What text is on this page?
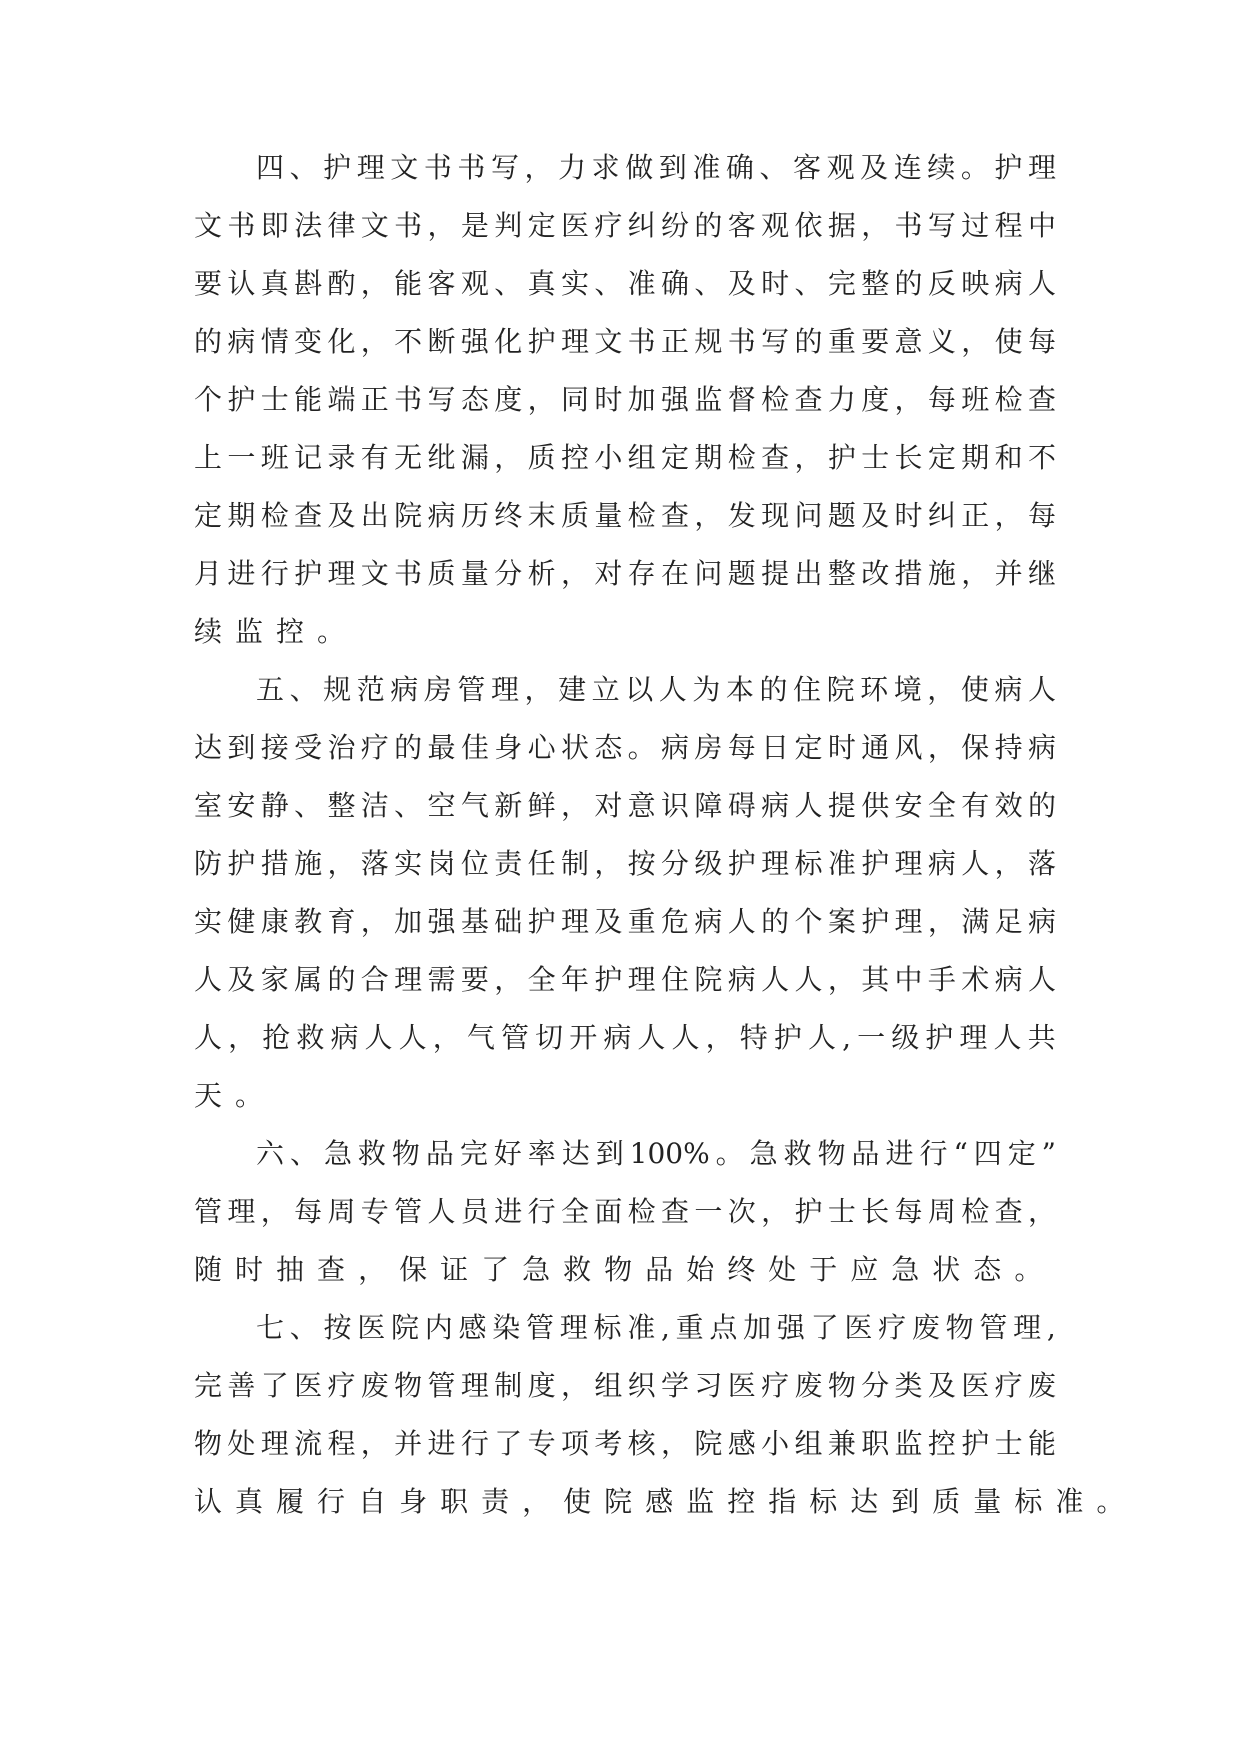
四 、 护 理 文 书 书 写 ， 力 求 做 到 准 确 、 客 观 及 连 续 。 护 理
文 书 即 法 律 文 书 ， 是 判 定 医 疗 纠 纷 的 客 观 依 据 ， 书 写 过 程 中
要 认 真 斟 酌 ， 能 客 观 、 真 实 、 准 确 、 及 时 、 完 整 的 反 映 病 人
的 病 情 变 化 ， 不 断 强 化 护 理 文 书 正 规 书 写 的 重 要 意 义 ， 使 每
个 护 士 能 端 正 书 写 态 度 ， 同 时 加 强 监 督 检 查 力 度 ， 每 班 检 查
上 一 班 记 录 有 无 纰 漏 ， 质 控 小 组 定 期 检 查 ， 护 士 长 定 期 和 不
定 期 检 查 及 出 院 病 历 终 末 质 量 检 查 ， 发 现 问 题 及 时 纠 正 ， 每
月 进 行 护 理 文 书 质 量 分 析 ， 对 存 在 问 题 提 出 整 改 措 施 ， 并 继
续 监 控 。
五 、 规 范 病 房 管 理 ， 建 立 以 人 为 本 的 住 院 环 境 ， 使 病 人
达 到 接 受 治 疗 的 最 佳 身 心 状 态 。 病 房 每 日 定 时 通 风 ， 保 持 病
室 安 静 、 整 洁 、 空 气 新 鲜 ， 对 意 识 障 碍 病 人 提 供 安 全 有 效 的
防 护 措 施 ， 落 实 岗 位 责 任 制 ， 按 分 级 护 理 标 准 护 理 病 人 ， 落
实 健 康 教 育 ， 加 强 基 础 护 理 及 重 危 病 人 的 个 案 护 理 ， 满 足 病
人 及 家 属 的 合 理 需 要 ， 全 年 护 理 住 院 病 人 人 ， 其 中 手 术 病 人
人 ， 抢 救 病 人 人 ， 气 管 切 开 病 人 人 ， 特 护 人 , 一 级 护 理 人 共
天 。
六 、 急 救 物 品 完 好 率 达 到 100% 。 急 救 物 品 进 行 “ 四 定 ”
管 理 ， 每 周 专 管 人 员 进 行 全 面 检 查 一 次 ， 护 士 长 每 周 检 查 ，
随 时 抽 查 ， 保 证 了 急 救 物 品 始 终 处 于 应 急 状 态 。
七 、 按 医 院 内 感 染 管 理 标 准 , 重 点 加 强 了 医 疗 废 物 管 理 ,
完 善 了 医 疗 废 物 管 理 制 度 ， 组 织 学 习 医 疗 废 物 分 类 及 医 疗 废
物 处 理 流 程 ， 并 进 行 了 专 项 考 核 ， 院 感 小 组 兼 职 监 控 护 士 能
认 真 履 行 自 身 职 责 ， 使 院 感 监 控 指 标 达 到 质 量 标 准 。
